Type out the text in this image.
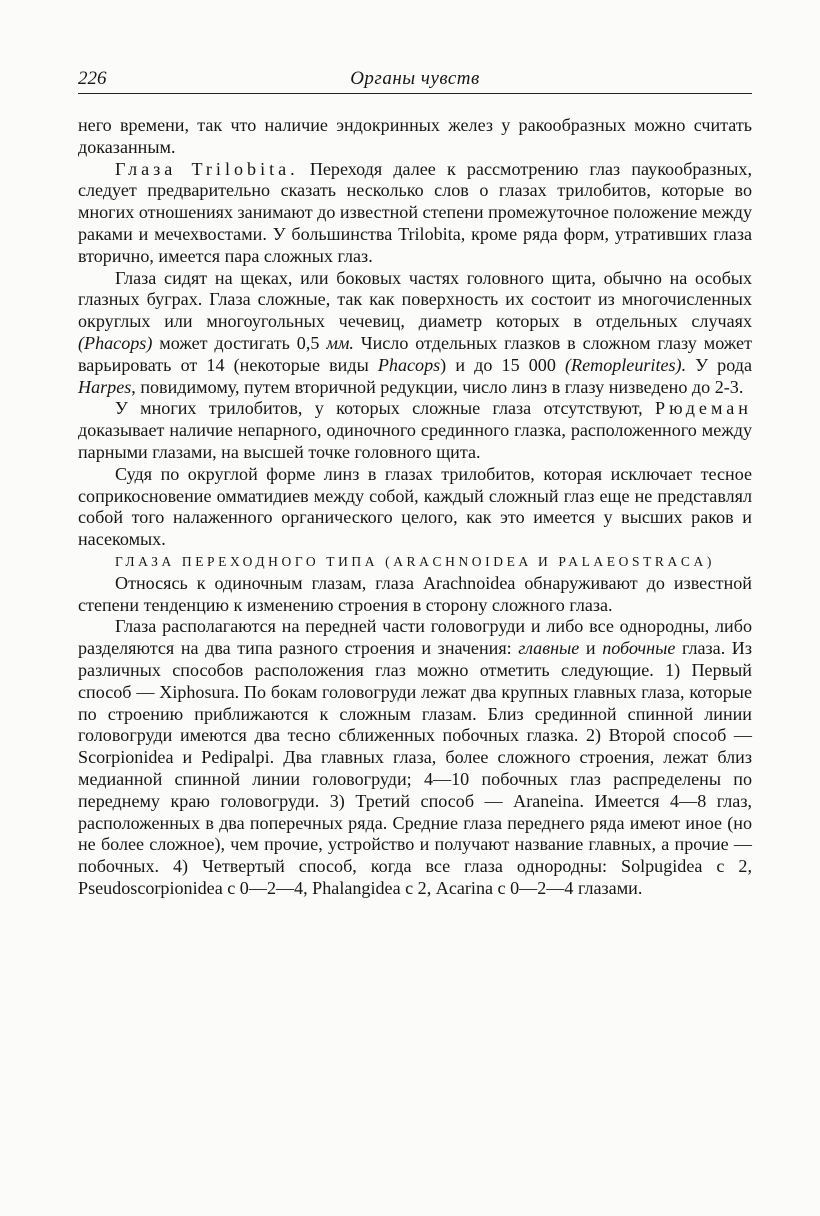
226	Органы чувств

него времени, так что наличие эндокринных желез у ракообразных можно считать доказанным.

Глаза Trilobita. Переходя далее к рассмотрению глаз паукообразных, следует предварительно сказать несколько слов о глазах трилобитов, которые во многих отношениях занимают до известной степени промежуточное положение между раками и мечехвостами. У большинства Trilobita, кроме ряда форм, утративших глаза вторично, имеется пара сложных глаз.

Глаза сидят на щеках, или боковых частях головного щита, обычно на особых глазных буграх. Глаза сложные, так как поверхность их состоит из многочисленных округлых или многоугольных чечевиц, диаметр которых в отдельных случаях (Phacops) может достигать 0,5 мм. Число отдельных глазков в сложном глазу может варьировать от 14 (некоторые виды Phacops) и до 15 000 (Remopleurites). У рода Harpes, повидимому, путем вторичной редукции, число линз в глазу низведено до 2-3.

У многих трилобитов, у которых сложные глаза отсутствуют, Рюдеман доказывает наличие непарного, одиночного срединного глазка, расположенного между парными глазами, на высшей точке головного щита.

Судя по округлой форме линз в глазах трилобитов, которая исключает тесное соприкосновение омматидиев между собой, каждый сложный глаз еще не представлял собой того налаженного органического целого, как это имеется у высших раков и насекомых.

ГЛАЗА ПЕРЕХОДНОГО ТИПА (ARACHNOIDEA И PALAEOSTRACA)

Относясь к одиночным глазам, глаза Arachnoidea обнаруживают до известной степени тенденцию к изменению строения в сторону сложного глаза.

Глаза располагаются на передней части головогруди и либо все однородны, либо разделяются на два типа разного строения и значения: главные и побочные глаза. Из различных способов расположения глаз можно отметить следующие. 1) Первый способ — Xiphosura. По бокам головогруди лежат два крупных главных глаза, которые по строению приближаются к сложным глазам. Близ срединной спинной линии головогруди имеются два тесно сближенных побочных глазка. 2) Второй способ — Scorpionidea и Pedipalpi. Два главных глаза, более сложного строения, лежат близ медианной спинной линии головогруди; 4—10 побочных глаз распределены по переднему краю головогруди. 3) Третий способ — Araneina. Имеется 4—8 глаз, расположенных в два поперечных ряда. Средние глаза переднего ряда имеют иное (но не более сложное), чем прочие, устройство и получают название главных, а прочие — побочных. 4) Четвертый способ, когда все глаза однородны: Solpugidea с 2, Pseudoscorpionidea с 0—2—4, Phalangidea с 2, Acarina с 0—2—4 глазами.
